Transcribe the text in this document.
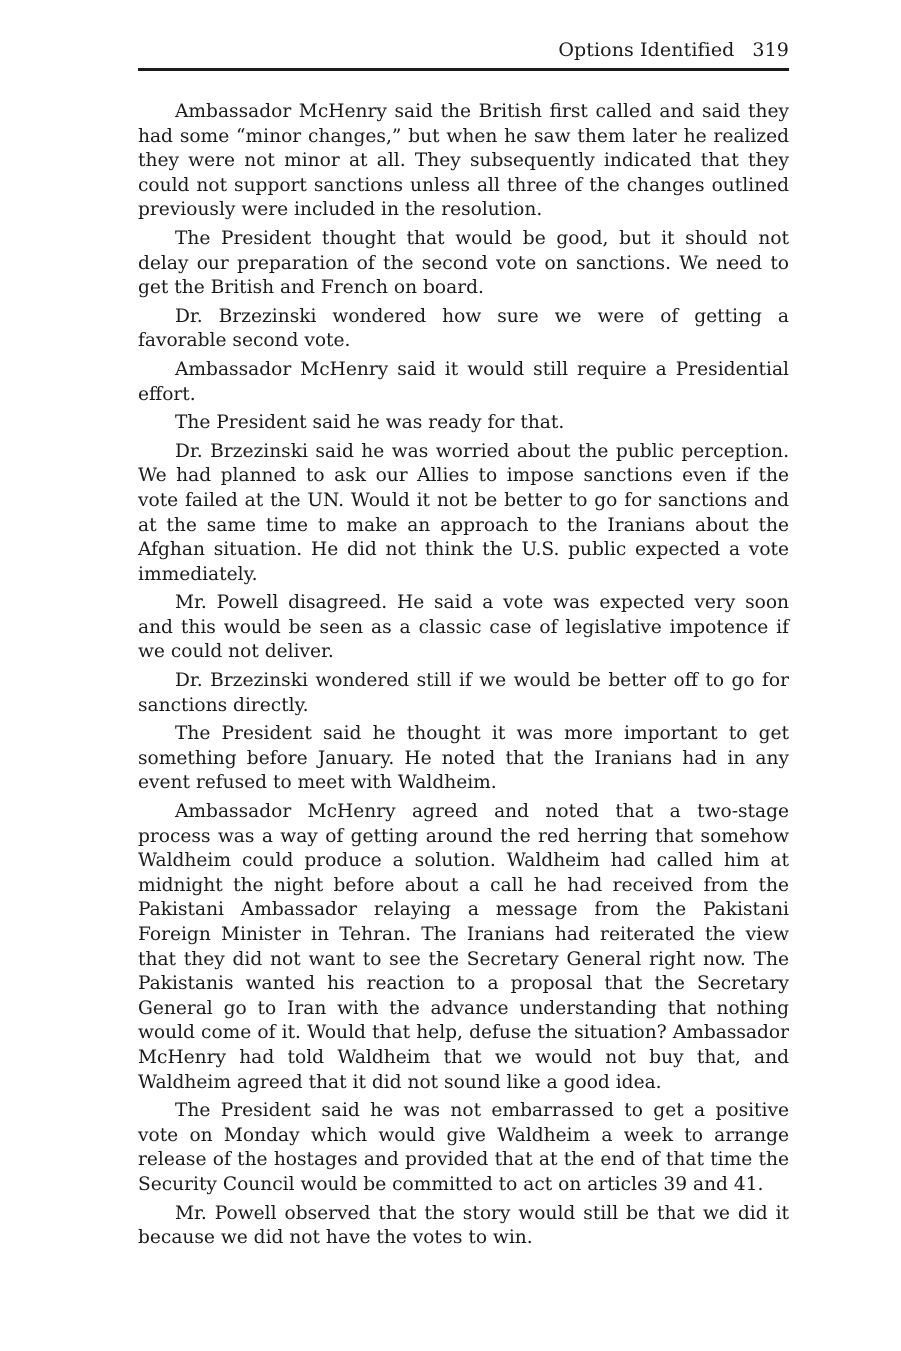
Options Identified 319

Ambassador McHenry said the British first called and said they had some “minor changes,” but when he saw them later he realized they were not minor at all. They subsequently indicated that they could not support sanctions unless all three of the changes outlined previously were included in the resolution.

The President thought that would be good, but it should not delay our preparation of the second vote on sanctions. We need to get the British and French on board.

Dr. Brzezinski wondered how sure we were of getting a favorable second vote.

Ambassador McHenry said it would still require a Presidential effort.

The President said he was ready for that.

Dr. Brzezinski said he was worried about the public perception. We had planned to ask our Allies to impose sanctions even if the vote failed at the UN. Would it not be better to go for sanctions and at the same time to make an approach to the Iranians about the Afghan situation. He did not think the U.S. public expected a vote immediately.

Mr. Powell disagreed. He said a vote was expected very soon and this would be seen as a classic case of legislative impotence if we could not deliver.

Dr. Brzezinski wondered still if we would be better off to go for sanctions directly.

The President said he thought it was more important to get something before January. He noted that the Iranians had in any event refused to meet with Waldheim.

Ambassador McHenry agreed and noted that a two-stage process was a way of getting around the red herring that somehow Waldheim could produce a solution. Waldheim had called him at midnight the night before about a call he had received from the Pakistani Ambassador relaying a message from the Pakistani Foreign Minister in Tehran. The Iranians had reiterated the view that they did not want to see the Secretary General right now. The Pakistanis wanted his reaction to a proposal that the Secretary General go to Iran with the advance understanding that nothing would come of it. Would that help, defuse the situation? Ambassador McHenry had told Waldheim that we would not buy that, and Waldheim agreed that it did not sound like a good idea.

The President said he was not embarrassed to get a positive vote on Monday which would give Waldheim a week to arrange release of the hostages and provided that at the end of that time the Security Council would be committed to act on articles 39 and 41.

Mr. Powell observed that the story would still be that we did it because we did not have the votes to win.
